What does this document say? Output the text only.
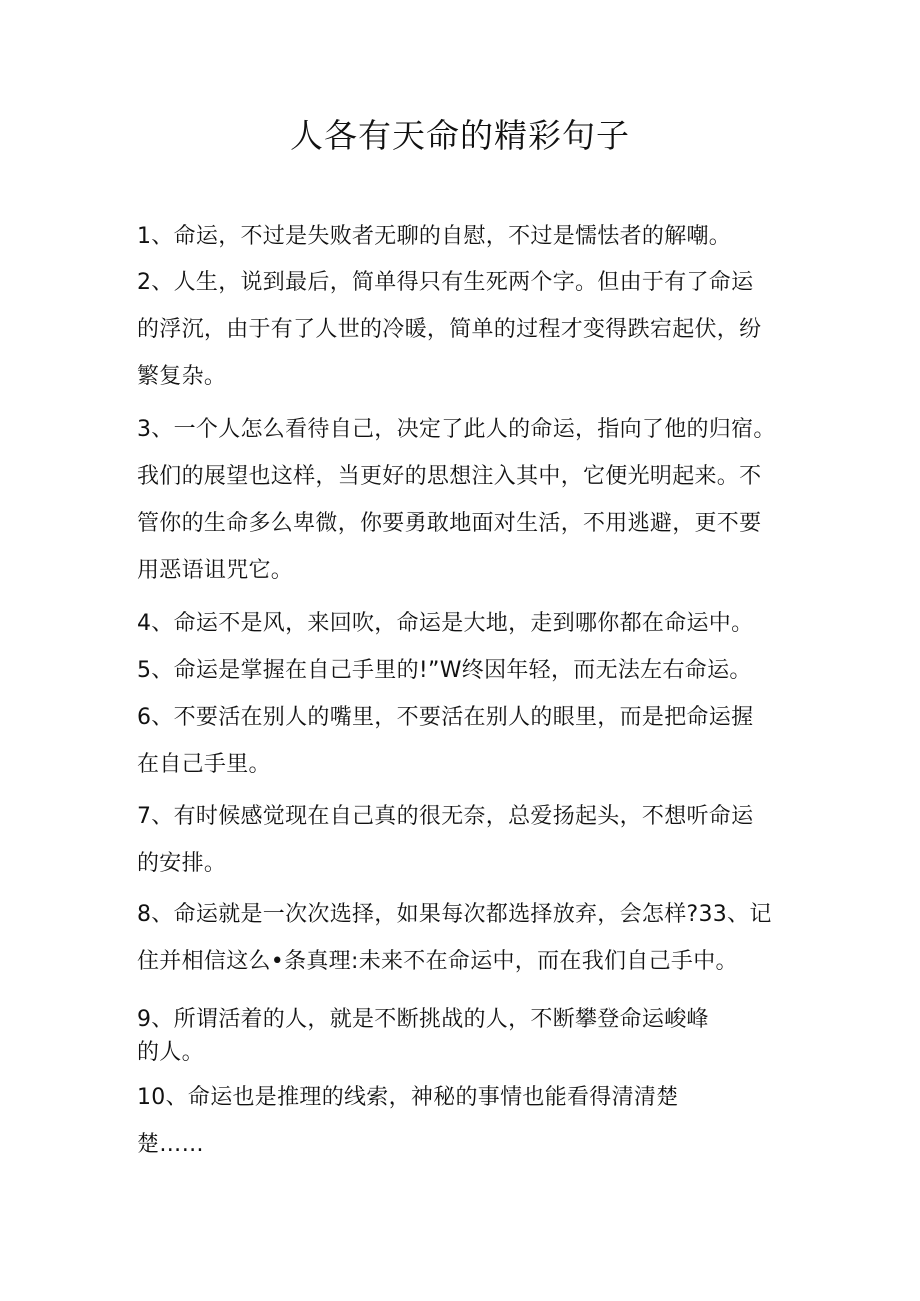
人各有天命的精彩句子
1、命运，不过是失败者无聊的自慰，不过是懦怯者的解嘲。
2、人生，说到最后，简单得只有生死两个字。但由于有了命运
的浮沉，由于有了人世的冷暖，简单的过程才变得跌宕起伏，纷
繁复杂。
3、一个人怎么看待自己，决定了此人的命运，指向了他的归宿。
我们的展望也这样，当更好的思想注入其中，它便光明起来。不
管你的生命多么卑微，你要勇敢地面对生活，不用逃避，更不要
用恶语诅咒它。
4、命运不是风，来回吹，命运是大地，走到哪你都在命运中。
5、命运是掌握在自己手里的!”W终因年轻，而无法左右命运。
6、不要活在别人的嘴里，不要活在别人的眼里，而是把命运握
在自己手里。
7、有时候感觉现在自己真的很无奈，总爱扬起头，不想听命运
的安排。
8、命运就是一次次选择，如果每次都选择放弃，会怎样?33、记
住并相信这么•条真理:未来不在命运中，而在我们自己手中。
9、所谓活着的人，就是不断挑战的人，不断攀登命运峻峰
的人。
10、命运也是推理的线索，神秘的事情也能看得清清楚
楚……
